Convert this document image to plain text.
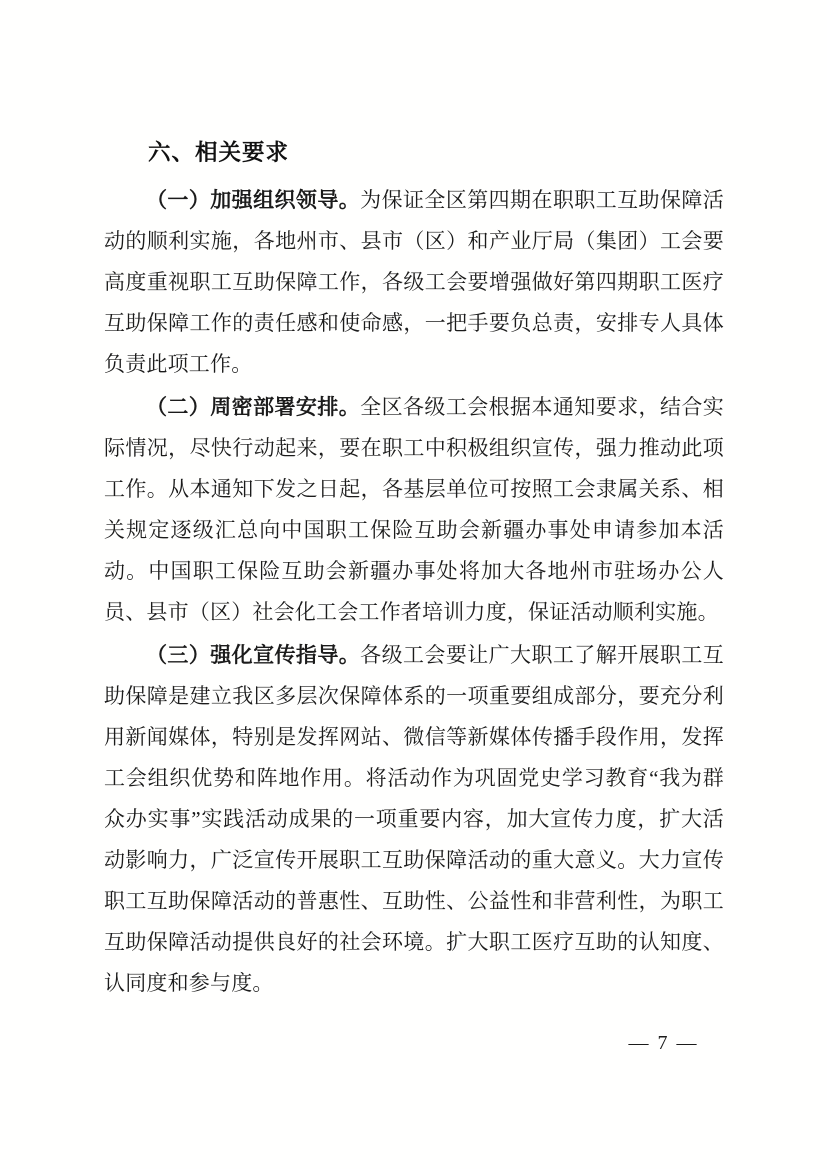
六、相关要求

（一）加强组织领导。为保证全区第四期在职职工互助保障活动的顺利实施，各地州市、县市（区）和产业厅局（集团）工会要高度重视职工互助保障工作，各级工会要增强做好第四期职工医疗互助保障工作的责任感和使命感，一把手要负总责，安排专人具体负责此项工作。

（二）周密部署安排。全区各级工会根据本通知要求，结合实际情况，尽快行动起来，要在职工中积极组织宣传，强力推动此项工作。从本通知下发之日起，各基层单位可按照工会隶属关系、相关规定逐级汇总向中国职工保险互助会新疆办事处申请参加本活动。中国职工保险互助会新疆办事处将加大各地州市驻场办公人员、县市（区）社会化工会工作者培训力度，保证活动顺利实施。

（三）强化宣传指导。各级工会要让广大职工了解开展职工互助保障是建立我区多层次保障体系的一项重要组成部分，要充分利用新闻媒体，特别是发挥网站、微信等新媒体传播手段作用，发挥工会组织优势和阵地作用。将活动作为巩固党史学习教育“我为群众办实事”实践活动成果的一项重要内容，加大宣传力度，扩大活动影响力，广泛宣传开展职工互助保障活动的重大意义。大力宣传职工互助保障活动的普惠性、互助性、公益性和非营利性，为职工互助保障活动提供良好的社会环境。扩大职工医疗互助的认知度、认同度和参与度。

— 7 —
